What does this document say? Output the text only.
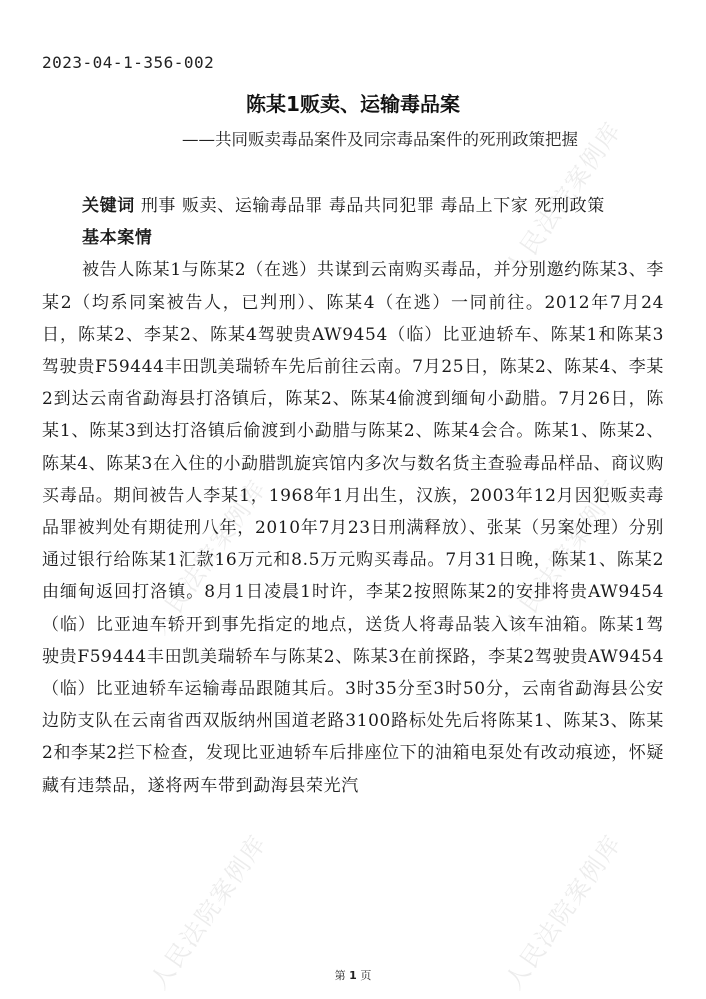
人民法院案例库
人民法院案例库	人民法院案例库
人民法院案例库	人民法院案例库
2023-04-1-356-002
陈某1贩卖、运输毒品案
——共同贩卖毒品案件及同宗毒品案件的死刑政策把握

关键词 刑事 贩卖、运输毒品罪 毒品共同犯罪 毒品上下家 死刑政策

基本案情

被告人陈某1与陈某2（在逃）共谋到云南购买毒品，并分别邀约陈某3、李某2（均系同案被告人，已判刑）、陈某4（在逃）一同前往。2012年7月24日，陈某2、李某2、陈某4驾驶贵AW9454（临）比亚迪轿车、陈某1和陈某3驾驶贵F59444丰田凯美瑞轿车先后前往云南。7月25日，陈某2、陈某4、李某2到达云南省勐海县打洛镇后，陈某2、陈某4偷渡到缅甸小勐腊。7月26日，陈某1、陈某3到达打洛镇后偷渡到小勐腊与陈某2、陈某4会合。陈某1、陈某2、陈某4、陈某3在入住的小勐腊凯旋宾馆内多次与数名货主查验毒品样品、商议购买毒品。期间被告人李某1，1968年1月出生，汉族，2003年12月因犯贩卖毒品罪被判处有期徒刑八年，2010年7月23日刑满释放）、张某（另案处理）分别通过银行给陈某1汇款16万元和8.5万元购买毒品。7月31日晚，陈某1、陈某2由缅甸返回打洛镇。8月1日凌晨1时许，李某2按照陈某2的安排将贵AW9454（临）比亚迪车轿开到事先指定的地点，送货人将毒品装入该车油箱。陈某1驾驶贵F59444丰田凯美瑞轿车与陈某2、陈某3在前探路，李某2驾驶贵AW9454（临）比亚迪轿车运输毒品跟随其后。3时35分至3时50分，云南省勐海县公安边防支队在云南省西双版纳州国道老路3100路标处先后将陈某1、陈某3、陈某2和李某2拦下检查，发现比亚迪轿车后排座位下的油箱电泵处有改动痕迹，怀疑藏有违禁品，遂将两车带到勐海县荣光汽

第 1 页
